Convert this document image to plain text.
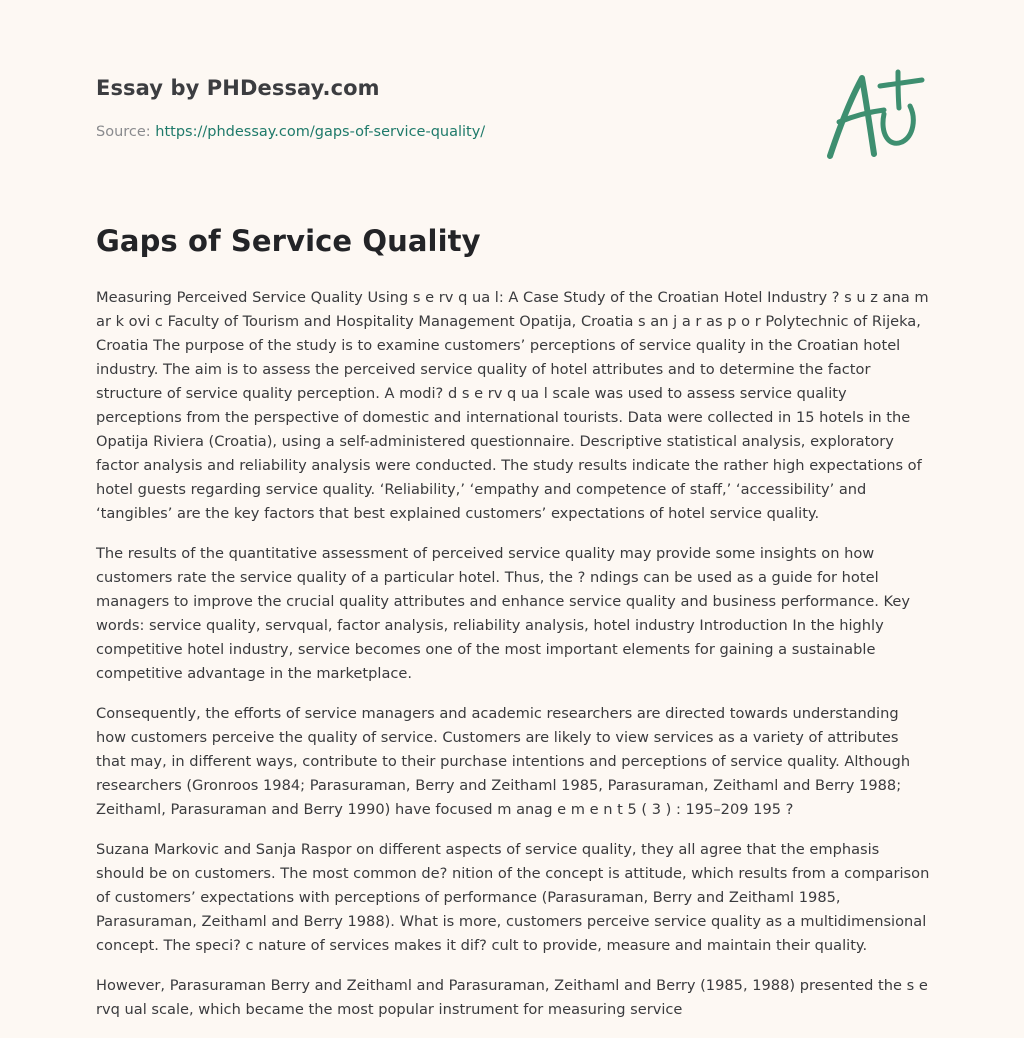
Essay by PHDessay.com
Source: https://phdessay.com/gaps-of-service-quality/
Gaps of Service Quality

Measuring Perceived Service Quality Using s e rv q ua l: A Case Study of the Croatian Hotel Industry ? s u z ana m ar k ovi c Faculty of Tourism and Hospitality Management Opatija, Croatia s an j a r as p o r Polytechnic of Rijeka, Croatia The purpose of the study is to examine customers’ perceptions of service quality in the Croatian hotel industry. The aim is to assess the perceived service quality of hotel attributes and to determine the factor structure of service quality perception. A modi? d s e rv q ua l scale was used to assess service quality perceptions from the perspective of domestic and international tourists. Data were collected in 15 hotels in the Opatija Riviera (Croatia), using a self-administered questionnaire. Descriptive statistical analysis, exploratory factor analysis and reliability analysis were conducted. The study results indicate the rather high expectations of hotel guests regarding service quality. ‘Reliability,’ ‘empathy and competence of staff,’ ‘accessibility’ and ‘tangibles’ are the key factors that best explained customers’ expectations of hotel service quality.

The results of the quantitative assessment of perceived service quality may provide some insights on how customers rate the service quality of a particular hotel. Thus, the ? ndings can be used as a guide for hotel managers to improve the crucial quality attributes and enhance service quality and business performance. Key words: service quality, servqual, factor analysis, reliability analysis, hotel industry Introduction In the highly competitive hotel industry, service becomes one of the most important elements for gaining a sustainable competitive advantage in the marketplace.

Consequently, the efforts of service managers and academic researchers are directed towards understanding how customers perceive the quality of service. Customers are likely to view services as a variety of attributes that may, in different ways, contribute to their purchase intentions and perceptions of service quality. Although researchers (Gronroos 1984; Parasuraman, Berry and Zeithaml 1985, Parasuraman, Zeithaml and Berry 1988; Zeithaml, Parasuraman and Berry 1990) have focused m anag e m e n t 5 ( 3 ) : 195–209 195 ?

Suzana Markovic and Sanja Raspor on different aspects of service quality, they all agree that the emphasis should be on customers. The most common de? nition of the concept is attitude, which results from a comparison of customers’ expectations with perceptions of performance (Parasuraman, Berry and Zeithaml 1985, Parasuraman, Zeithaml and Berry 1988). What is more, customers perceive service quality as a multidimensional concept. The speci? c nature of services makes it dif? cult to provide, measure and maintain their quality.

However, Parasuraman Berry and Zeithaml and Parasuraman, Zeithaml and Berry (1985, 1988) presented the s e rvq ual scale, which became the most popular instrument for measuring service
